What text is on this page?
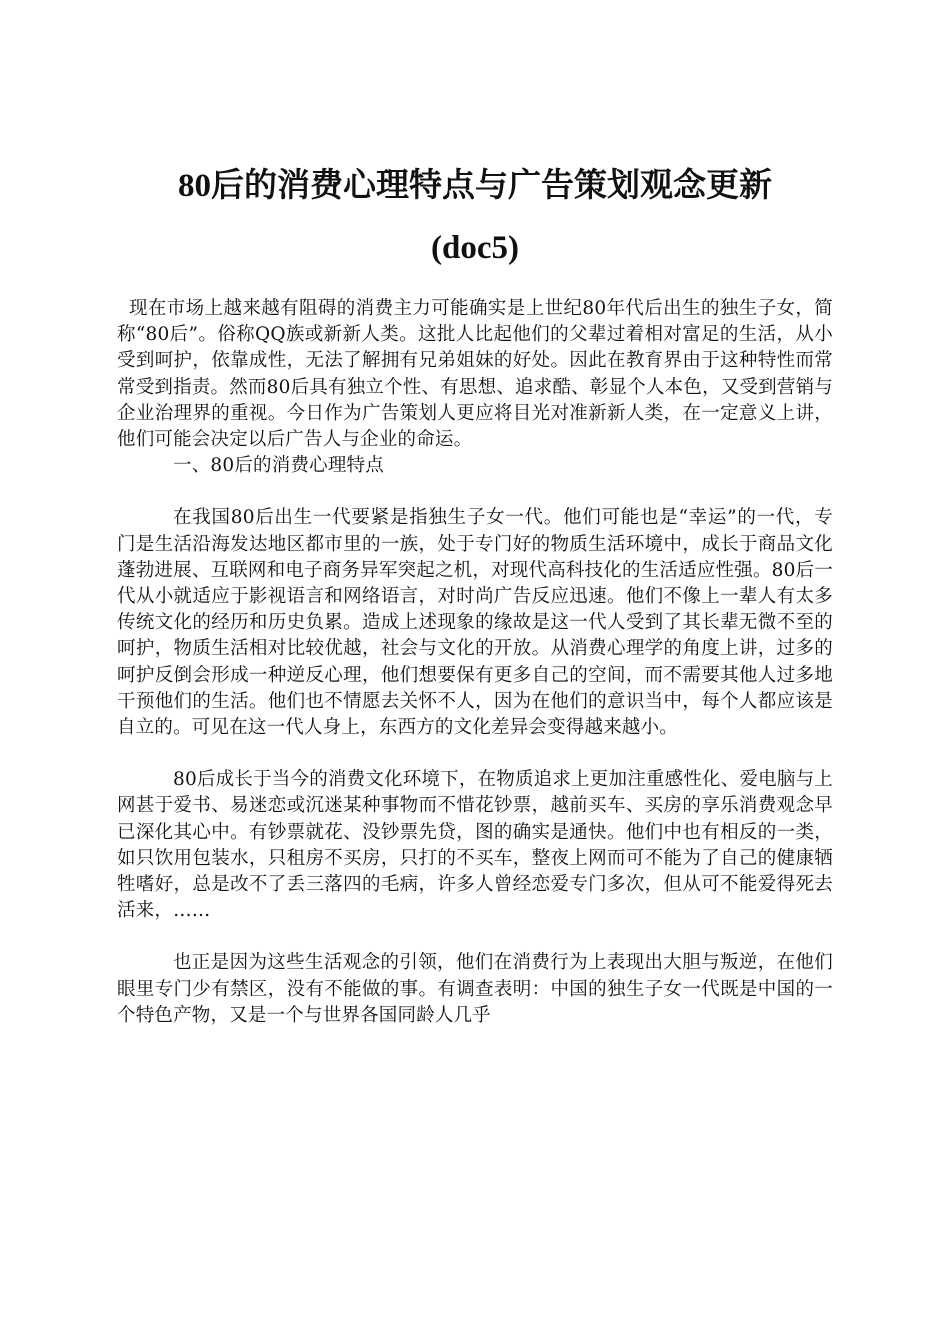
80后的消费心理特点与广告策划观念更新
(doc5)

现在市场上越来越有阻碍的消费主力可能确实是上世纪80年代后出生的独生子女，简称“80后”。俗称QQ族或新新人类。这批人比起他们的父辈过着相对富足的生活，从小受到呵护，依靠成性，无法了解拥有兄弟姐妹的好处。因此在教育界由于这种特性而常常受到指责。然而80后具有独立个性、有思想、追求酷、彰显个人本色，又受到营销与企业治理界的重视。今日作为广告策划人更应将目光对准新新人类，在一定意义上讲，他们可能会决定以后广告人与企业的命运。

一、80后的消费心理特点

在我国80后出生一代要紧是指独生子女一代。他们可能也是“幸运”的一代，专门是生活沿海发达地区都市里的一族，处于专门好的物质生活环境中，成长于商品文化蓬勃进展、互联网和电子商务异军突起之机，对现代高科技化的生活适应性强。80后一代从小就适应于影视语言和网络语言，对时尚广告反应迅速。他们不像上一辈人有太多传统文化的经历和历史负累。造成上述现象的缘故是这一代人受到了其长辈无微不至的呵护，物质生活相对比较优越，社会与文化的开放。从消费心理学的角度上讲，过多的呵护反倒会形成一种逆反心理，他们想要保有更多自己的空间，而不需要其他人过多地干预他们的生活。他们也不情愿去关怀不人，因为在他们的意识当中，每个人都应该是自立的。可见在这一代人身上，东西方的文化差异会变得越来越小。

80后成长于当今的消费文化环境下，在物质追求上更加注重感性化、爱电脑与上网甚于爱书、易迷恋或沉迷某种事物而不惜花钞票，越前买车、买房的享乐消费观念早已深化其心中。有钞票就花、没钞票先贷，图的确实是通快。他们中也有相反的一类，如只饮用包装水，只租房不买房，只打的不买车，整夜上网而可不能为了自己的健康牺牲嗜好，总是改不了丢三落四的毛病，许多人曾经恋爱专门多次，但从可不能爱得死去活来，……

也正是因为这些生活观念的引领，他们在消费行为上表现出大胆与叛逆，在他们眼里专门少有禁区，没有不能做的事。有调查表明：中国的独生子女一代既是中国的一个特色产物，又是一个与世界各国同龄人几乎
